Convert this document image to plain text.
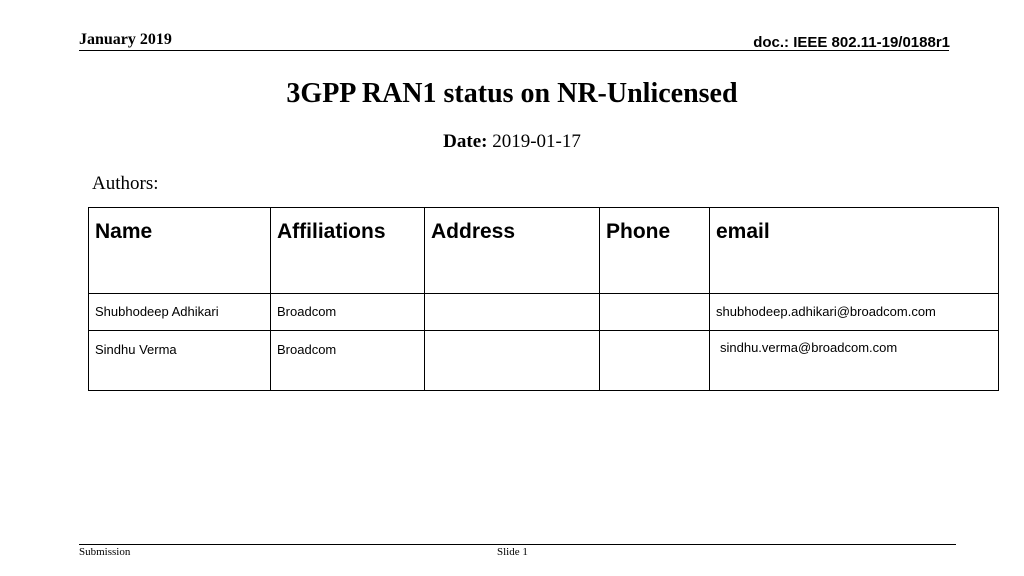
January 2019	doc.: IEEE 802.11-19/0188r1
3GPP RAN1 status on NR-Unlicensed
Date: 2019-01-17
Authors:
Name	Affiliations	Address	Phone	email
Shubhodeep Adhikari	Broadcom			shubhodeep.adhikari@broadcom.com
Sindhu Verma	Broadcom			sindhu.verma@broadcom.com
Submission	Slide 1
